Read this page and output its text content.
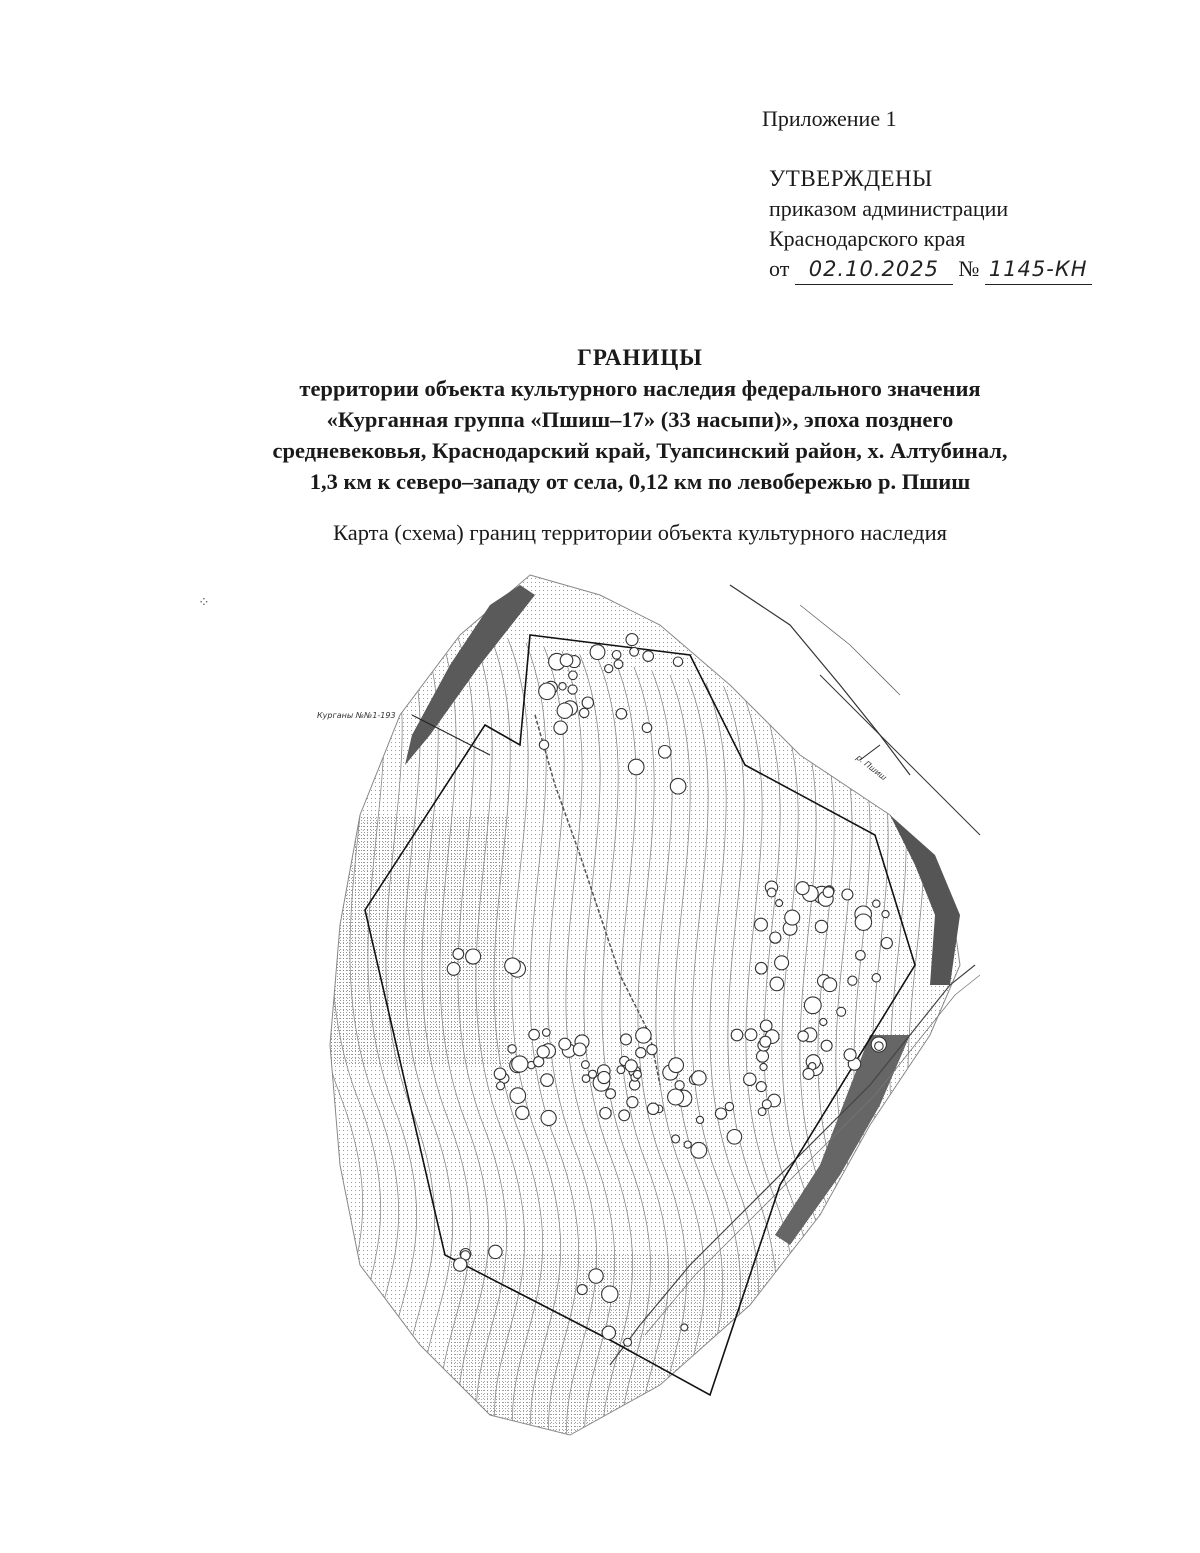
Приложение 1
УТВЕРЖДЕНЫ
приказом администрации
Краснодарского края
от 02.10.2025 № 1145-КН
ГРАНИЦЫ
территории объекта культурного наследия федерального значения
«Курганная группа «Пшиш–17» (33 насыпи)», эпоха позднего
средневековья, Краснодарский край, Туапсинский район, х. Алтубинал,
1,3 км к северо–западу от села, 0,12 км по левобережью р. Пшиш
Карта (схема) границ территории объекта культурного наследия
⁘
Курганы №№1-193
р. Пшиш
